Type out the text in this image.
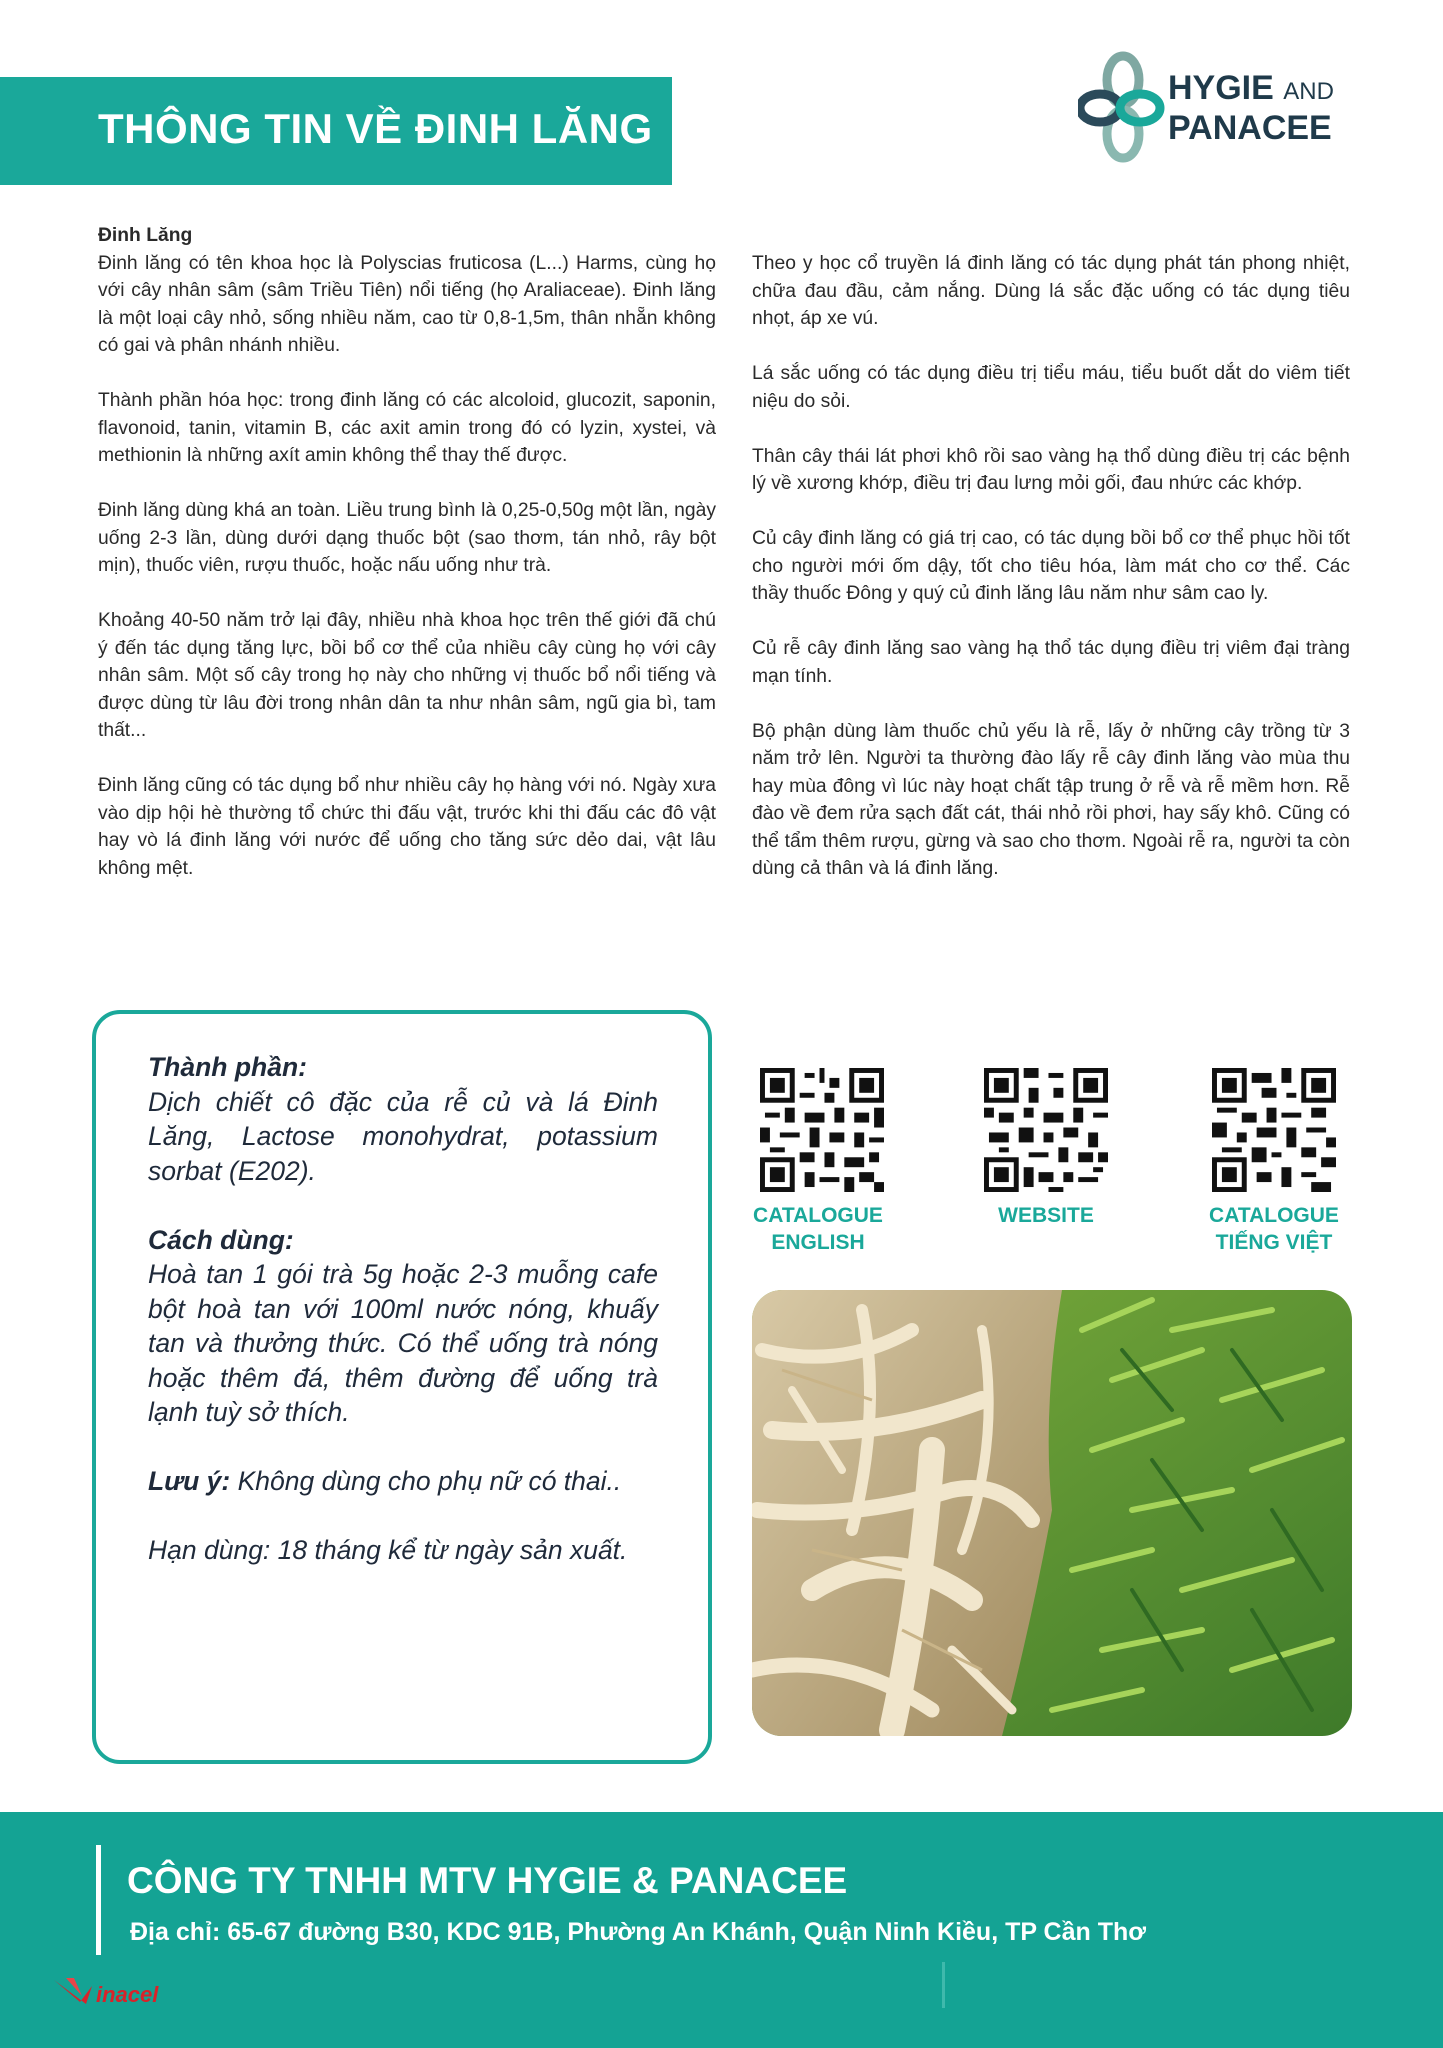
THÔNG TIN VỀ ĐINH LĂNG
HYGIE AND
PANACEE
Đinh Lăng

Đinh lăng có tên khoa học là Polyscias fruticosa (L...) Harms, cùng họ với cây nhân sâm (sâm Triều Tiên) nổi tiếng (họ Araliaceae). Đinh lăng là một loại cây nhỏ, sống nhiều năm, cao từ 0,8-1,5m, thân nhẵn không có gai và phân nhánh nhiều.

Thành phần hóa học: trong đinh lăng có các alcoloid, glucozit, saponin, flavonoid, tanin, vitamin B, các axit amin trong đó có lyzin, xystei, và methionin là những axít amin không thể thay thế được.

Đinh lăng dùng khá an toàn. Liều trung bình là 0,25-0,50g một lần, ngày uống 2-3 lần, dùng dưới dạng thuốc bột (sao thơm, tán nhỏ, rây bột mịn), thuốc viên, rượu thuốc, hoặc nấu uống như trà.

Khoảng 40-50 năm trở lại đây, nhiều nhà khoa học trên thế giới đã chú ý đến tác dụng tăng lực, bồi bổ cơ thể của nhiều cây cùng họ với cây nhân sâm. Một số cây trong họ này cho những vị thuốc bổ nổi tiếng và được dùng từ lâu đời trong nhân dân ta như nhân sâm, ngũ gia bì, tam thất...

Đinh lăng cũng có tác dụng bổ như nhiều cây họ hàng với nó. Ngày xưa vào dịp hội hè thường tổ chức thi đấu vật, trước khi thi đấu các đô vật hay vò lá đinh lăng với nước để uống cho tăng sức dẻo dai, vật lâu không mệt.

Theo y học cổ truyền lá đinh lăng có tác dụng phát tán phong nhiệt, chữa đau đầu, cảm nắng. Dùng lá sắc đặc uống có tác dụng tiêu nhọt, áp xe vú.

Lá sắc uống có tác dụng điều trị tiểu máu, tiểu buốt dắt do viêm tiết niệu do sỏi.

Thân cây thái lát phơi khô rồi sao vàng hạ thổ dùng điều trị các bệnh lý về xương khớp, điều trị đau lưng mỏi gối, đau nhức các khớp.

Củ cây đinh lăng có giá trị cao, có tác dụng bồi bổ cơ thể phục hồi tốt cho người mới ốm dậy, tốt cho tiêu hóa, làm mát cho cơ thể. Các thầy thuốc Đông y quý củ đinh lăng lâu năm như sâm cao ly.

Củ rễ cây đinh lăng sao vàng hạ thổ tác dụng điều trị viêm đại tràng mạn tính.

Bộ phận dùng làm thuốc chủ yếu là rễ, lấy ở những cây trồng từ 3 năm trở lên. Người ta thường đào lấy rễ cây đinh lăng vào mùa thu hay mùa đông vì lúc này hoạt chất tập trung ở rễ và rễ mềm hơn. Rễ đào về đem rửa sạch đất cát, thái nhỏ rồi phơi, hay sấy khô. Cũng có thể tẩm thêm rượu, gừng và sao cho thơm. Ngoài rễ ra, người ta còn dùng cả thân và lá đinh lăng.

Thành phần:
Dịch chiết cô đặc của rễ củ và lá Đinh Lăng, Lactose monohydrat, potassium sorbat (E202).

Cách dùng:
Hoà tan 1 gói trà 5g hoặc 2-3 muỗng cafe bột hoà tan với 100ml nước nóng, khuấy tan và thưởng thức. Có thể uống trà nóng hoặc thêm đá, thêm đường để uống trà lạnh tuỳ sở thích.

Lưu ý: Không dùng cho phụ nữ có thai..

Hạn dùng: 18 tháng kể từ ngày sản xuất.

CATALOGUE
ENGLISH
WEBSITE	CATALOGUE
TIẾNG VIỆT
CÔNG TY TNHH MTV HYGIE & PANACEE
Địa chỉ: 65-67 đường B30, KDC 91B, Phường An Khánh, Quận Ninh Kiều, TP Cần Thơ
inacel
